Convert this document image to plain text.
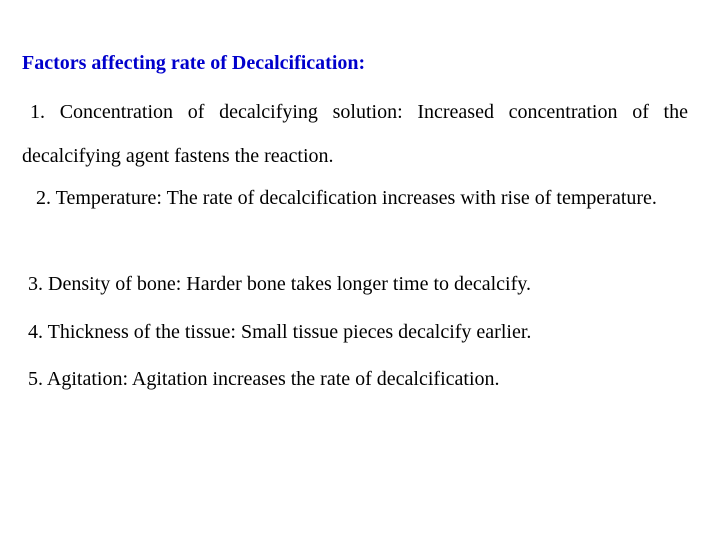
Factors affecting rate of Decalcification:
1. Concentration of decalcifying solution: Increased concentration of the decalcifying agent fastens the reaction.
2. Temperature: The rate of decalcification increases with rise of temperature.
3. Density of bone: Harder bone takes longer time to decalcify.
4. Thickness of the tissue: Small tissue pieces decalcify earlier.
5. Agitation: Agitation increases the rate of decalcification.
